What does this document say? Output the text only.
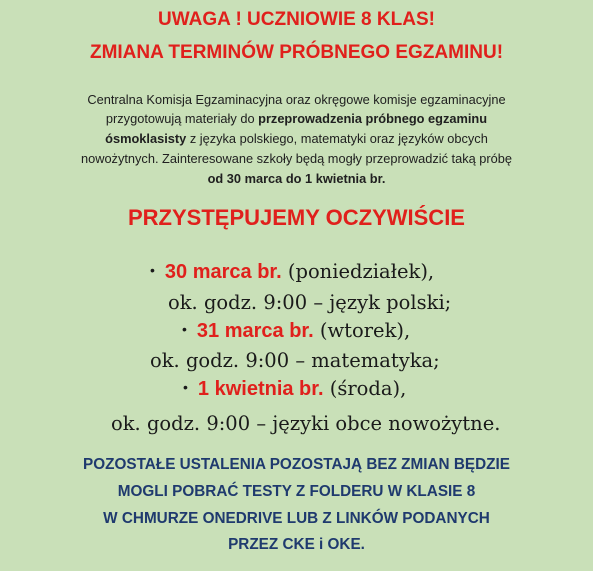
UWAGA ! UCZNIOWIE 8 KLAS!
ZMIANA TERMINÓW PRÓBNEGO EGZAMINU!
Centralna Komisja Egzaminacyjna oraz okręgowe komisje egzaminacyjne
przygotowują materiały do przeprowadzenia próbnego egzaminu
ósmoklasisty z języka polskiego, matematyki oraz języków obcych
nowożytnych. Zainteresowane szkoły będą mogły przeprowadzić taką próbę
od 30 marca do 1 kwietnia br.
PRZYSTĘPUJEMY OCZYWIŚCIE
• 30 marca br. (poniedziałek),
ok. godz. 9:00 – język polski;
• 31 marca br. (wtorek),
ok. godz. 9:00 – matematyka;
• 1 kwietnia br. (środa),
ok. godz. 9:00 – języki obce nowożytne.
POZOSTAŁE USTALENIA POZOSTAJĄ BEZ ZMIAN BĘDZIE
MOGLI POBRAĆ TESTY Z FOLDERU W KLASIE 8
W CHMURZE ONEDRIVE LUB Z LINKÓW PODANYCH
PRZEZ CKE i OKE.
